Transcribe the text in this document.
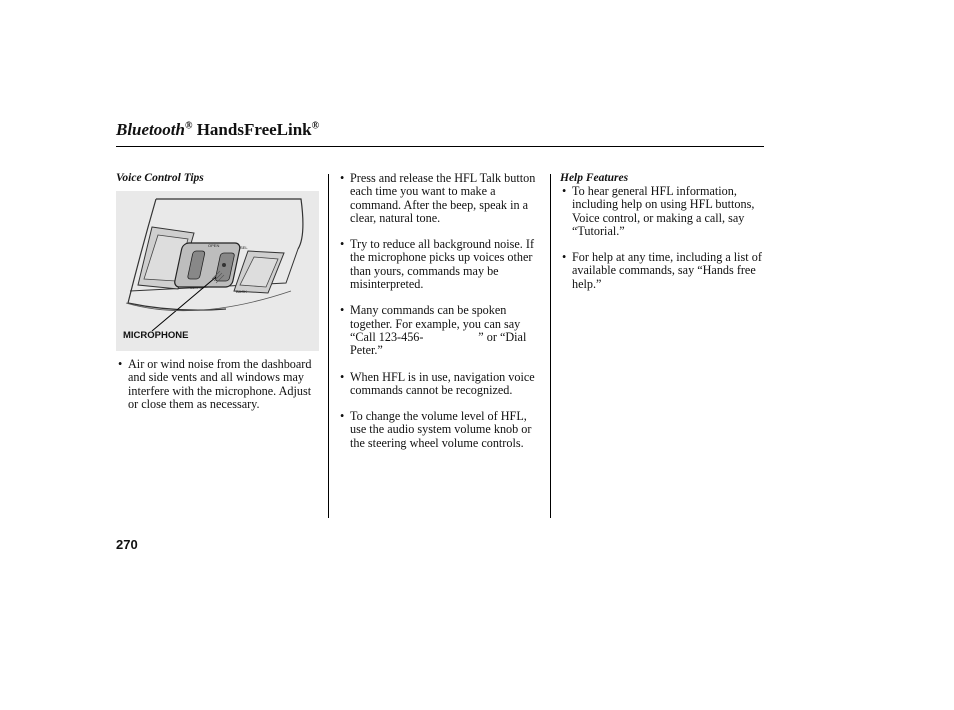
Bluetooth® HandsFreeLink®
Voice Control Tips
OPEN	SEL
CLOSE
BACK
MICROPHONE
• Air or wind noise from the dashboard and side vents and all windows may interfere with the microphone. Adjust or close them as necessary.
• Press and release the HFL Talk button each time you want to make a command. After the beep, speak in a clear, natural tone.
• Try to reduce all background noise. If the microphone picks up voices other than yours, commands may be misinterpreted.
• Many commands can be spoken together. For example, you can say “Call 123-456-                  ” or “Dial Peter.”
• When HFL is in use, navigation voice commands cannot be recognized.
• To change the volume level of HFL, use the audio system volume knob or the steering wheel volume controls.
Help Features
• To hear general HFL information, including help on using HFL buttons, Voice control, or making a call, say “Tutorial.”
• For help at any time, including a list of available commands, say “Hands free help.”
270
